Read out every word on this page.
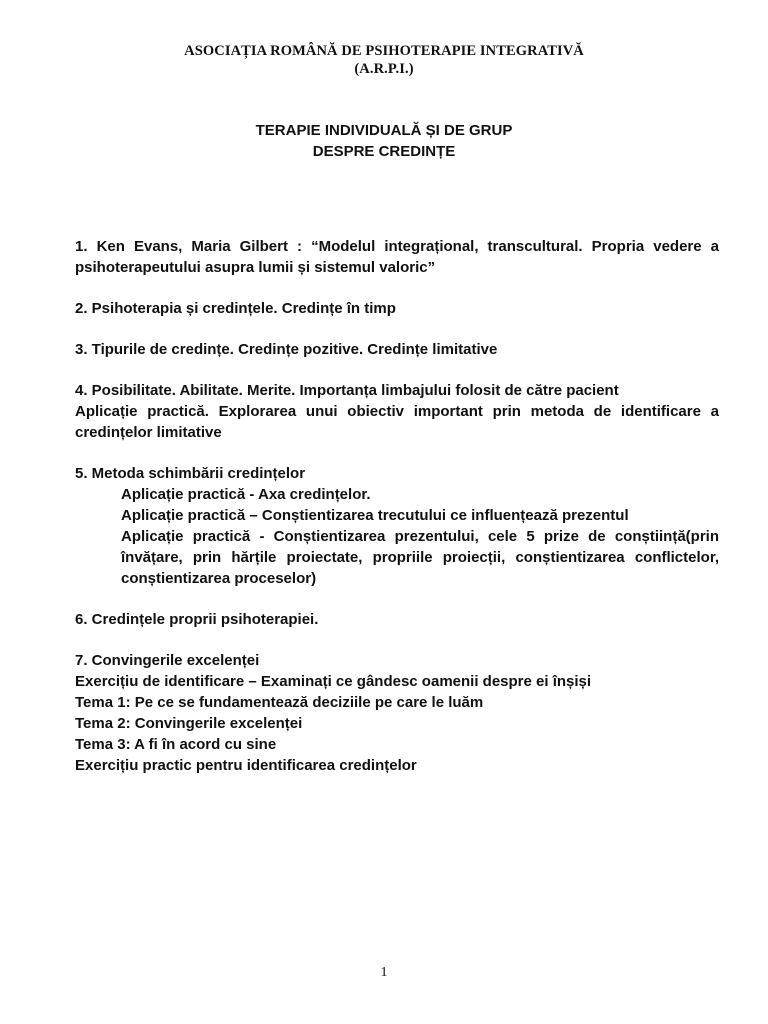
ASOCIAȚIA ROMÂNĂ DE PSIHOTERAPIE INTEGRATIVĂ
(A.R.P.I.)
TERAPIE INDIVIDUALĂ ȘI DE GRUP
DESPRE CREDINȚE

1. Ken Evans, Maria Gilbert : “Modelul integrațional, transcultural. Propria vedere a psihoterapeutului asupra lumii și sistemul valoric”

2. Psihoterapia și credințele. Credințe în timp

3. Tipurile de credințe. Credințe pozitive. Credințe limitative

4. Posibilitate. Abilitate. Merite. Importanța limbajului folosit de către pacient

Aplicație practică. Explorarea unui obiectiv important prin metoda de identificare a credințelor limitative

5. Metoda schimbării credințelor

Aplicație practică - Axa credințelor.

Aplicație practică – Conștientizarea trecutului ce influențează prezentul

Aplicație practică - Conștientizarea prezentului, cele 5 prize de conștiință(prin învățare, prin hărțile proiectate, propriile proiecții, conștientizarea conflictelor, conștientizarea proceselor)

6. Credințele proprii psihoterapiei.

7. Convingerile excelenței

Exercițiu de identificare – Examinați ce gândesc oamenii despre ei înșiși

Tema 1: Pe ce se fundamentează deciziile pe care le luăm

Tema 2: Convingerile excelenței

Tema 3: A fi în acord cu sine

Exercițiu practic pentru identificarea credințelor

1
